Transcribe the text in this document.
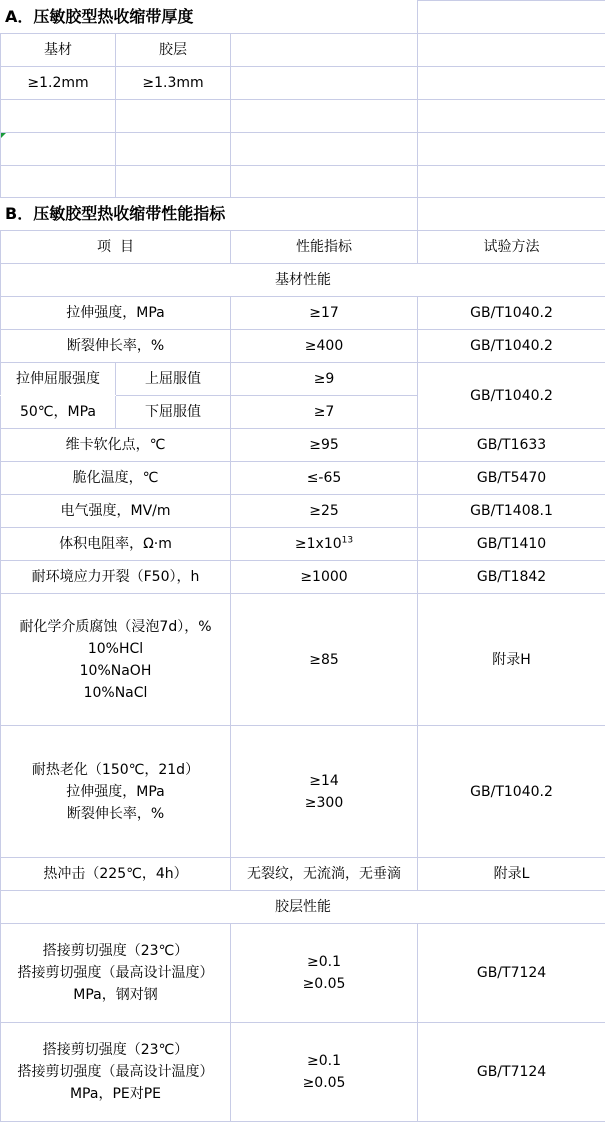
A．压敏胶型热收缩带厚度			
基材	胶层		
≥1.2mm	≥1.3mm		

B．压敏胶型热收缩带性能指标			
项  目		性能指标	试验方法
基材性能			
拉伸强度，MPa		≥17	GB/T1040.2
断裂伸长率，%		≥400	GB/T1040.2
拉伸屈服强度	上屈服值	≥9	GB/T1040.2
50℃，MPa	下屈服值	≥7	
维卡软化点，℃		≥95	GB/T1633
脆化温度，℃		≤-65	GB/T5470
电气强度，MV/m		≥25	GB/T1408.1
体积电阻率，Ω·m		$\ge 1x10^{13}$	GB/T1410
耐环境应力开裂（F50），h		≥1000	GB/T1842

耐化学介质腐蚀（浸泡7d），%
10%HCl
10%NaOH
10%NaCl		≥85	附录H

耐热老化（150℃，21d）
拉伸强度，MPa
断裂伸长率，%		≥14
≥300	GB/T1040.2
热冲击（225℃，4h）		无裂纹，无流淌，无垂滴	附录L
胶层性能			

搭接剪切强度（23℃）
搭接剪切强度（最高设计温度）
MPa，钢对钢		≥0.1
≥0.05	GB/T7124

搭接剪切强度（23℃）
搭接剪切强度（最高设计温度）
MPa，PE对PE		≥0.1
≥0.05	GB/T7124
